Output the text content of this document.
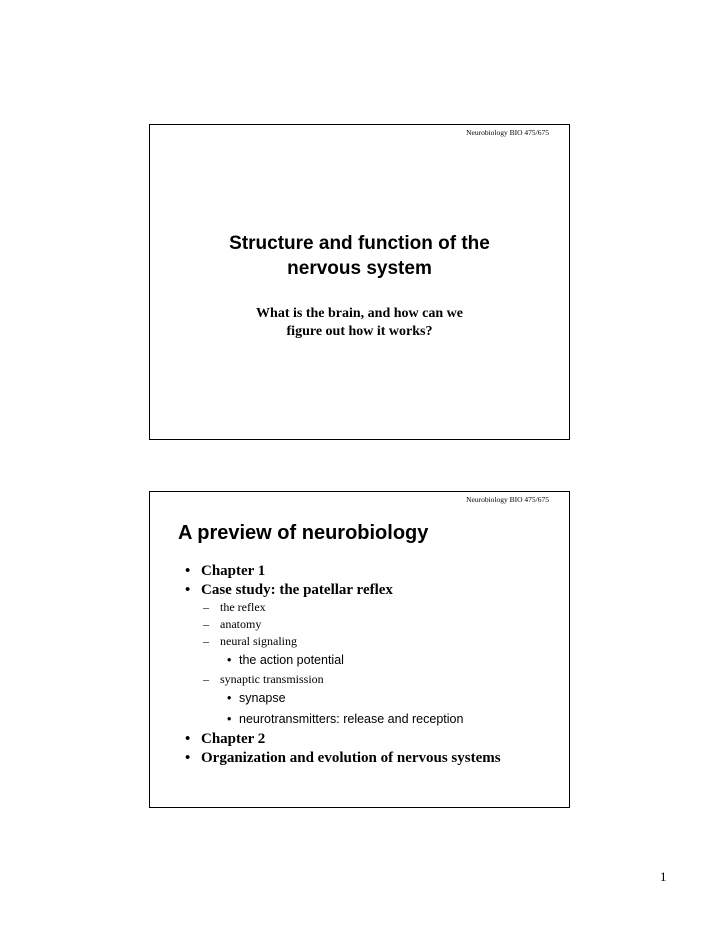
Neurobiology BIO 475/675
Structure and function of the
nervous system
What is the brain, and how can we
figure out how it works?
Neurobiology BIO 475/675
A preview of neurobiology
• Chapter 1
• Case study: the patellar reflex
– the reflex
– anatomy
– neural signaling
• the action potential
– synaptic transmission
• synapse
• neurotransmitters: release and reception
• Chapter 2
• Organization and evolution of nervous systems
1
